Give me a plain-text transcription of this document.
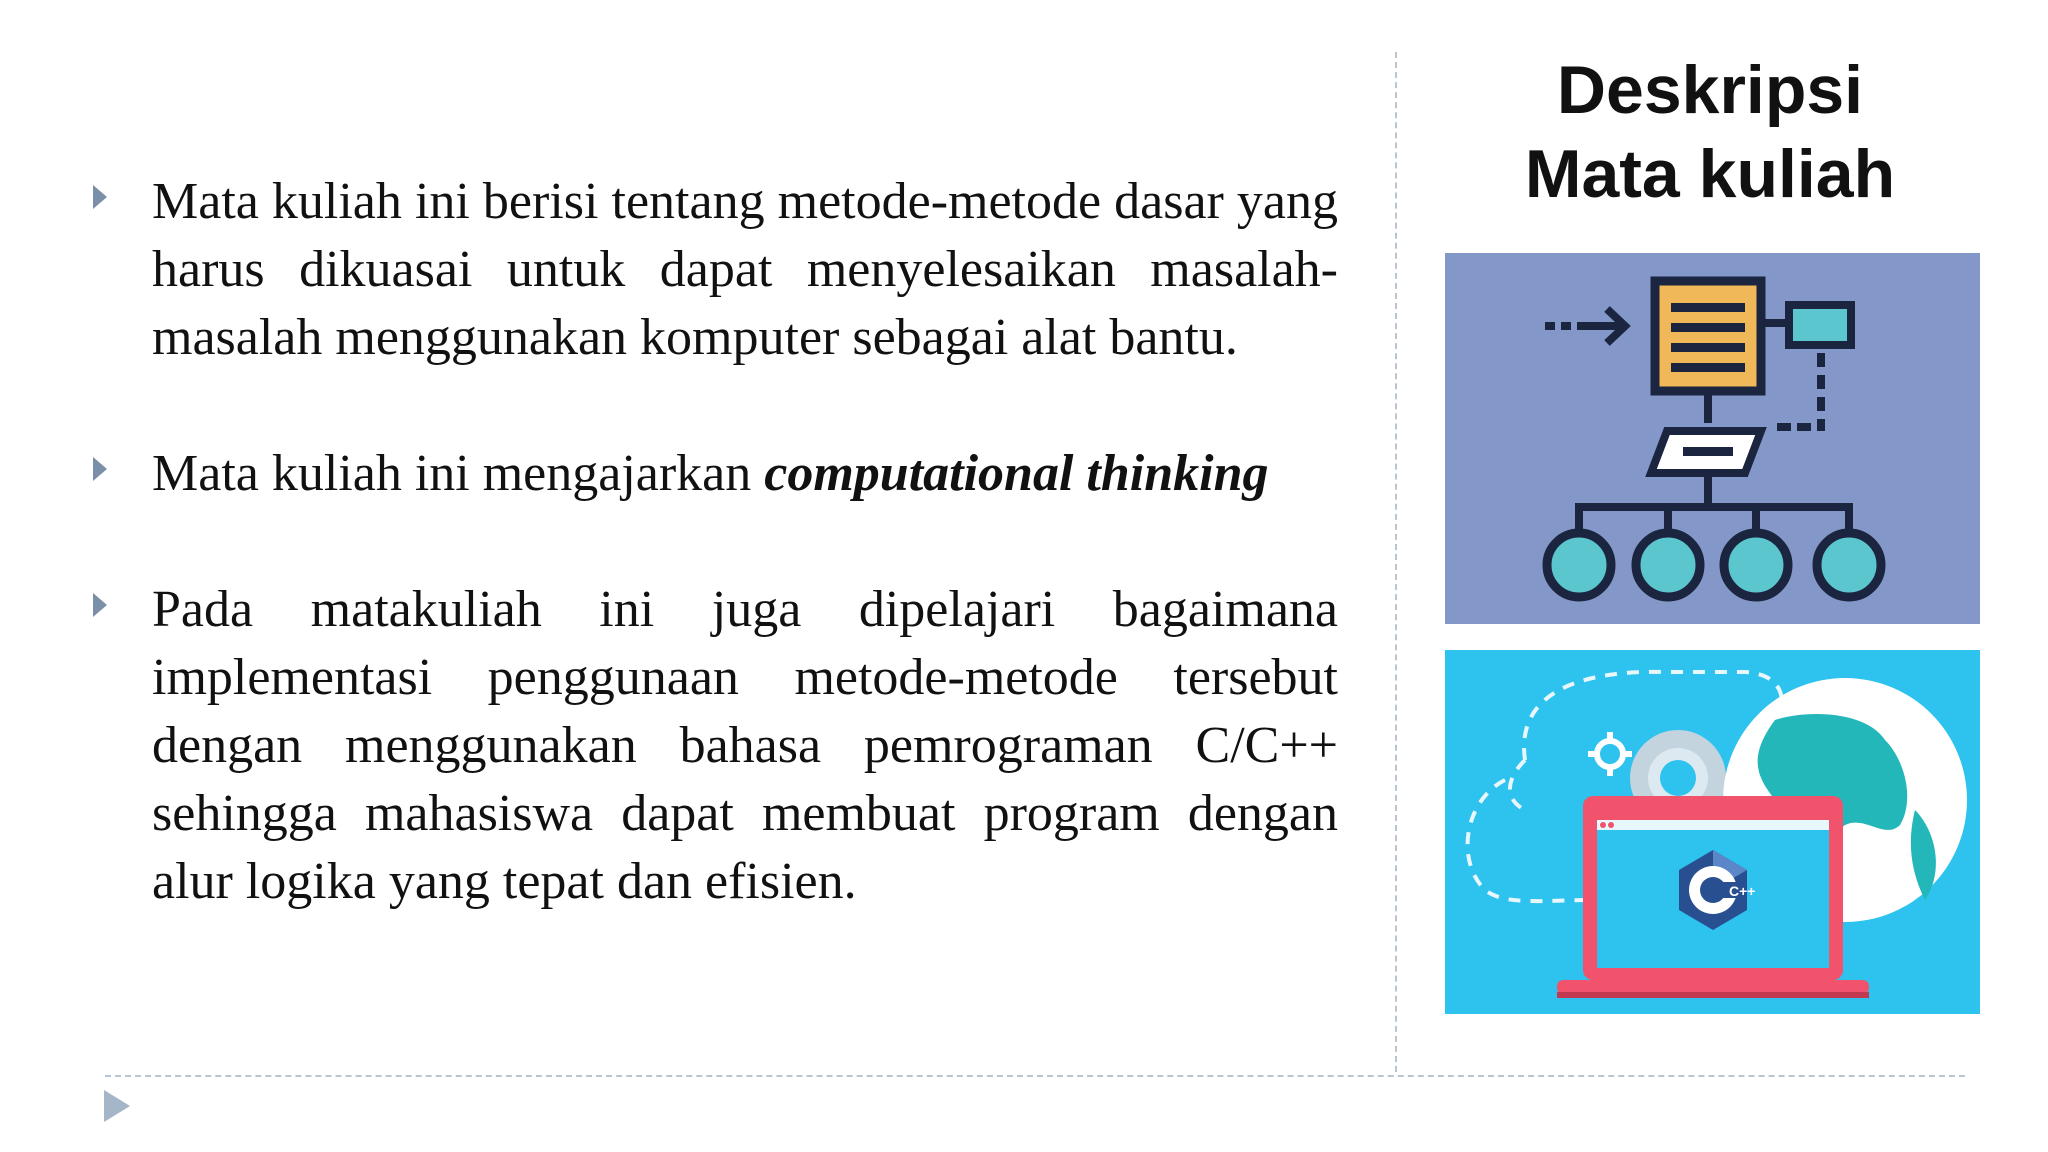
Deskripsi
Mata kuliah
Mata kuliah ini berisi tentang metode-metode dasar yang harus dikuasai untuk dapat menyelesaikan masalah-masalah menggunakan komputer sebagai alat bantu.
Mata kuliah ini mengajarkan computational thinking
Pada matakuliah ini juga dipelajari bagaimana implementasi penggunaan metode-metode tersebut dengan menggunakan bahasa pemrograman C/C++ sehingga mahasiswa dapat membuat program dengan alur logika yang tepat dan efisien.	C++
